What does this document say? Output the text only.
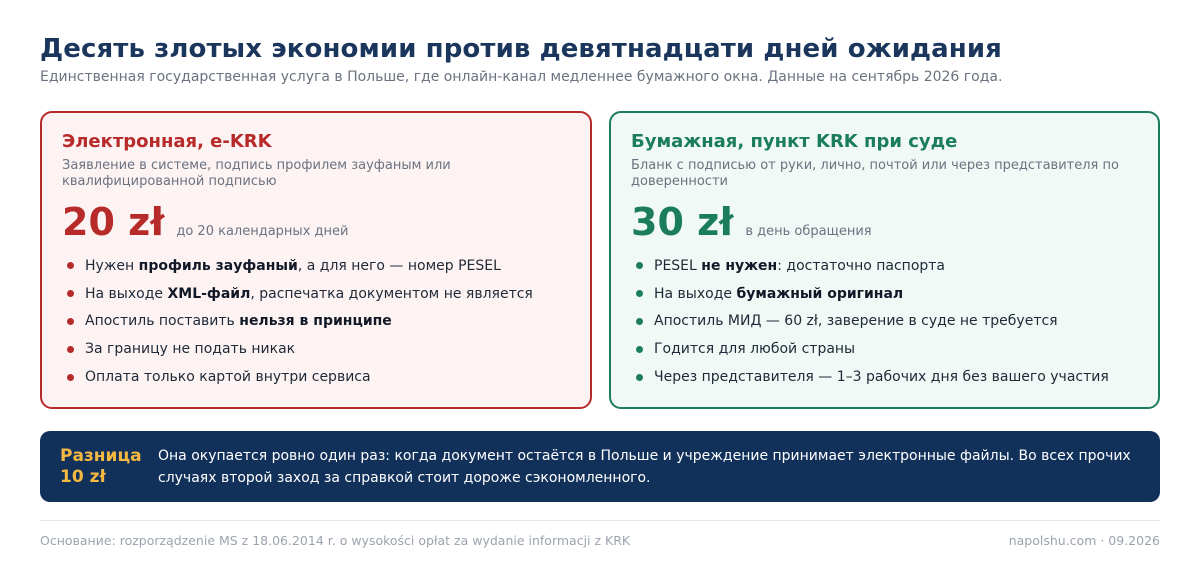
Десять злотых экономии против девятнадцати дней ожидания
Единственная государственная услуга в Польше, где онлайн-канал медленнее бумажного окна. Данные на сентябрь 2026 года.
Электронная, e-KRK
Заявление в системе, подпись профилем зауфаным или квалифицированной подписью
20 zł до 20 календарных дней
Нужен профиль зауфаный, а для него — номер PESEL
На выходе XML-файл, распечатка документом не является
Апостиль поставить нельзя в принципе
За границу не подать никак
Оплата только картой внутри сервиса
Бумажная, пункт KRK при суде
Бланк с подписью от руки, лично, почтой или через представителя по доверенности
30 zł в день обращения
PESEL не нужен: достаточно паспорта
На выходе бумажный оригинал
Апостиль МИД — 60 zł, заверение в суде не требуется
Годится для любой страны
Через представителя — 1–3 рабочих дня без вашего участия
Разница 10 zł
Она окупается ровно один раз: когда документ остаётся в Польше и учреждение принимает электронные файлы. Во всех прочих случаях второй заход за справкой стоит дороже сэкономленного.
Основание: rozporządzenie MS z 18.06.2014 r. o wysokości opłat za wydanie informacji z KRK	napolshu.com · 09.2026
